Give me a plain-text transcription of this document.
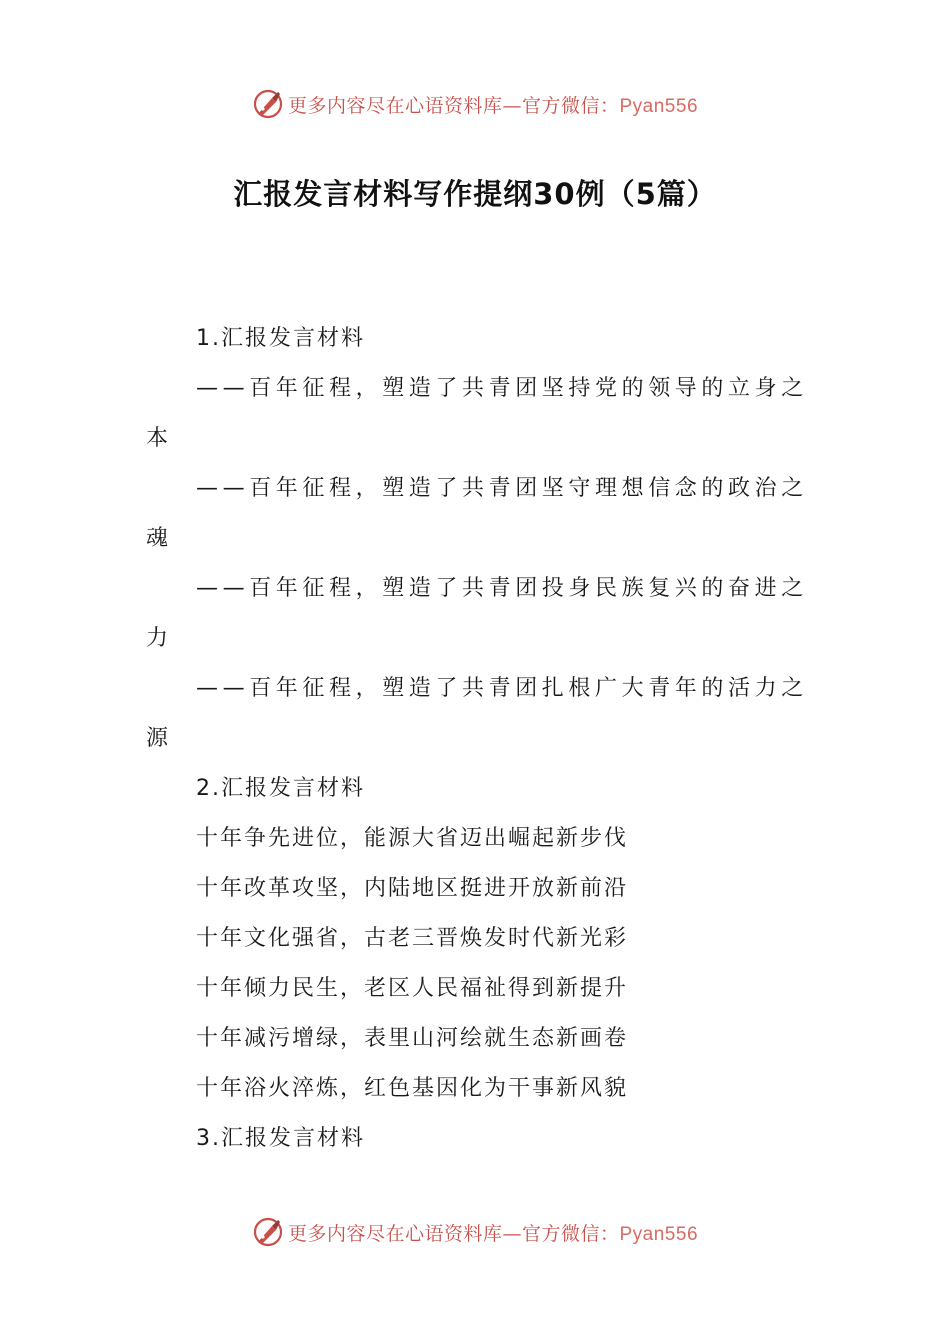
更多内容尽在心语资料库—官方微信：Pyan556
汇报发言材料写作提纲30例（5篇）
1.汇报发言材料
——百年征程，塑造了共青团坚持党的领导的立身之
本
——百年征程，塑造了共青团坚守理想信念的政治之
魂
——百年征程，塑造了共青团投身民族复兴的奋进之
力
——百年征程，塑造了共青团扎根广大青年的活力之
源
2.汇报发言材料
十年争先进位，能源大省迈出崛起新步伐
十年改革攻坚，内陆地区挺进开放新前沿
十年文化强省，古老三晋焕发时代新光彩
十年倾力民生，老区人民福祉得到新提升
十年减污增绿，表里山河绘就生态新画卷
十年浴火淬炼，红色基因化为干事新风貌
3.汇报发言材料
更多内容尽在心语资料库—官方微信：Pyan556
